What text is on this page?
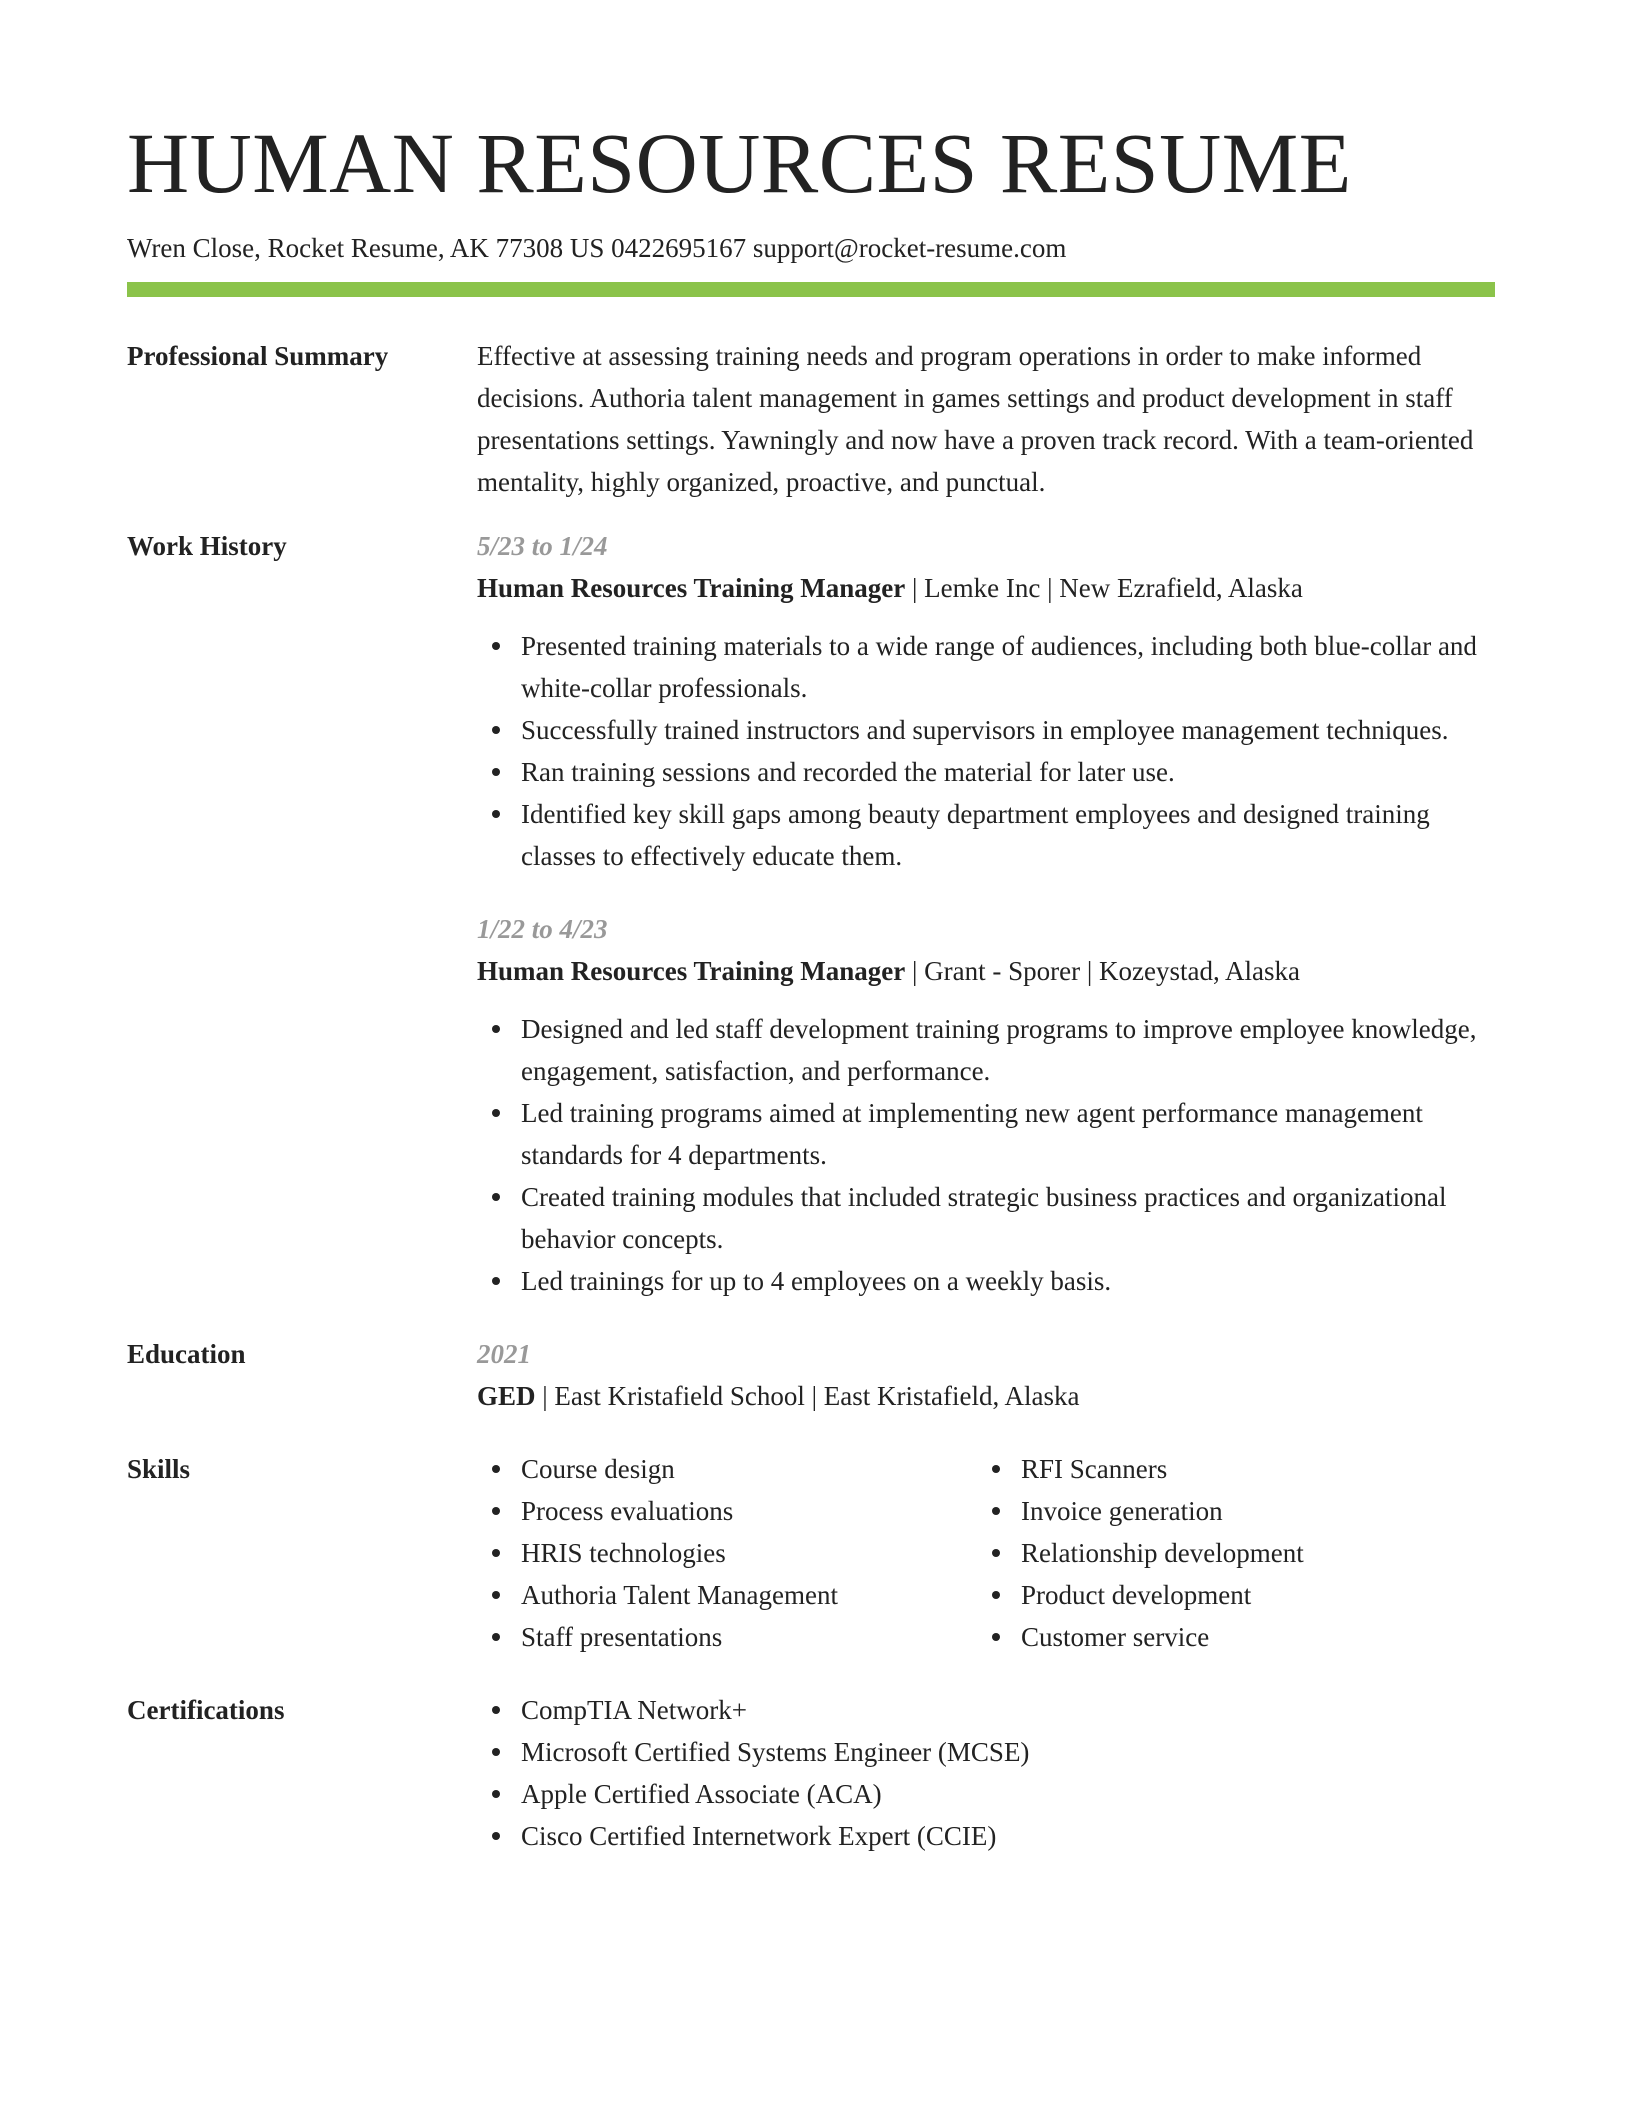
HUMAN RESOURCES RESUME
Wren Close, Rocket Resume, AK 77308 US 0422695167 support@rocket-resume.com
Professional Summary	Effective at assessing training needs and program operations in order to make informed decisions. Authoria talent management in games settings and product development in staff presentations settings. Yawningly and now have a proven track record. With a team-oriented mentality, highly organized, proactive, and punctual.
Work History	5/23 to 1/24
Human Resources Training Manager | Lemke Inc | New Ezrafield, Alaska
Presented training materials to a wide range of audiences, including both blue-collar and white-collar professionals.
Successfully trained instructors and supervisors in employee management techniques.
Ran training sessions and recorded the material for later use.
Identified key skill gaps among beauty department employees and designed training classes to effectively educate them.
1/22 to 4/23
Human Resources Training Manager | Grant - Sporer | Kozeystad, Alaska
Designed and led staff development training programs to improve employee knowledge, engagement, satisfaction, and performance.
Led training programs aimed at implementing new agent performance management standards for 4 departments.
Created training modules that included strategic business practices and organizational behavior concepts.
Led trainings for up to 4 employees on a weekly basis.
Education	2021
GED | East Kristafield School | East Kristafield, Alaska
Skills	Course design
Process evaluations
HRIS technologies
Authoria Talent Management
Staff presentations
RFI Scanners
Invoice generation
Relationship development
Product development
Customer service
Certifications	CompTIA Network+
Microsoft Certified Systems Engineer (MCSE)
Apple Certified Associate (ACA)
Cisco Certified Internetwork Expert (CCIE)
